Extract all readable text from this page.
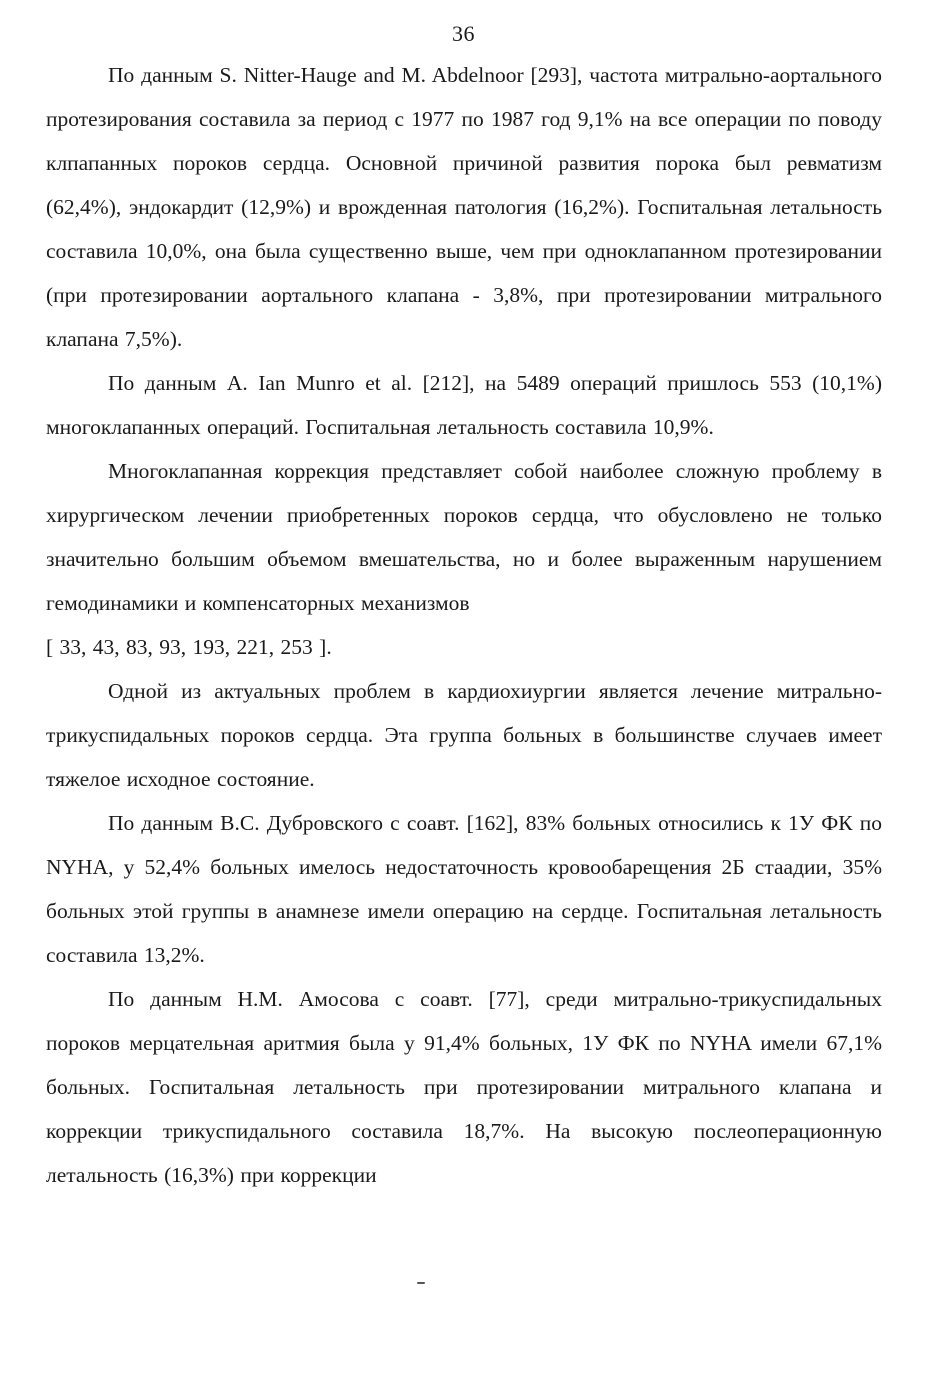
36

По данным S. Nitter-Hauge and M. Abdelnoor [293], частота митрально-аортального протезирования составила за период с 1977 по 1987 год 9,1% на все операции по поводу клпапанных пороков сердца. Основной причиной развития порока был ревматизм (62,4%), эндокардит (12,9%) и врожденная патология (16,2%). Госпитальная летальность составила 10,0%, она была существенно выше, чем при одноклапанном протезировании (при протезировании аортального клапана - 3,8%, при протезировании митрального клапана 7,5%).

По данным A. Ian Munro et al. [212], на 5489 операций пришлось 553 (10,1%) многоклапанных операций. Госпитальная летальность составила 10,9%.

Многоклапанная коррекция представляет собой наиболее сложную проблему в хирургическом лечении приобретенных пороков сердца, что обусловлено не только значительно большим объемом вмешательства, но и более выраженным нарушением гемодинамики и компенсаторных механизмов
[ 33, 43, 83, 93, 193, 221, 253 ].

Одной из актуальных проблем в кардиохиургии является лечение митрально-трикуспидальных пороков сердца. Эта группа больных в большинстве случаев имеет тяжелое исходное состояние.

По данным В.С. Дубровского с соавт. [162], 83% больных относились к 1У ФК по NYHA, у 52,4% больных имелось недостаточность кровообарещения 2Б стаадии, 35% больных этой группы в анамнезе имели операцию на сердце. Госпитальная летальность составила 13,2%.

По данным Н.М. Амосова с соавт. [77], среди митрально-трикуспидальных пороков мерцательная аритмия была у 91,4% больных, 1У ФК по NYHA имели 67,1% больных. Госпитальная летальность при протезировании митрального клапана и коррекции трикуспидального составила 18,7%. На высокую послеоперационную летальность (16,3%) при коррекции
